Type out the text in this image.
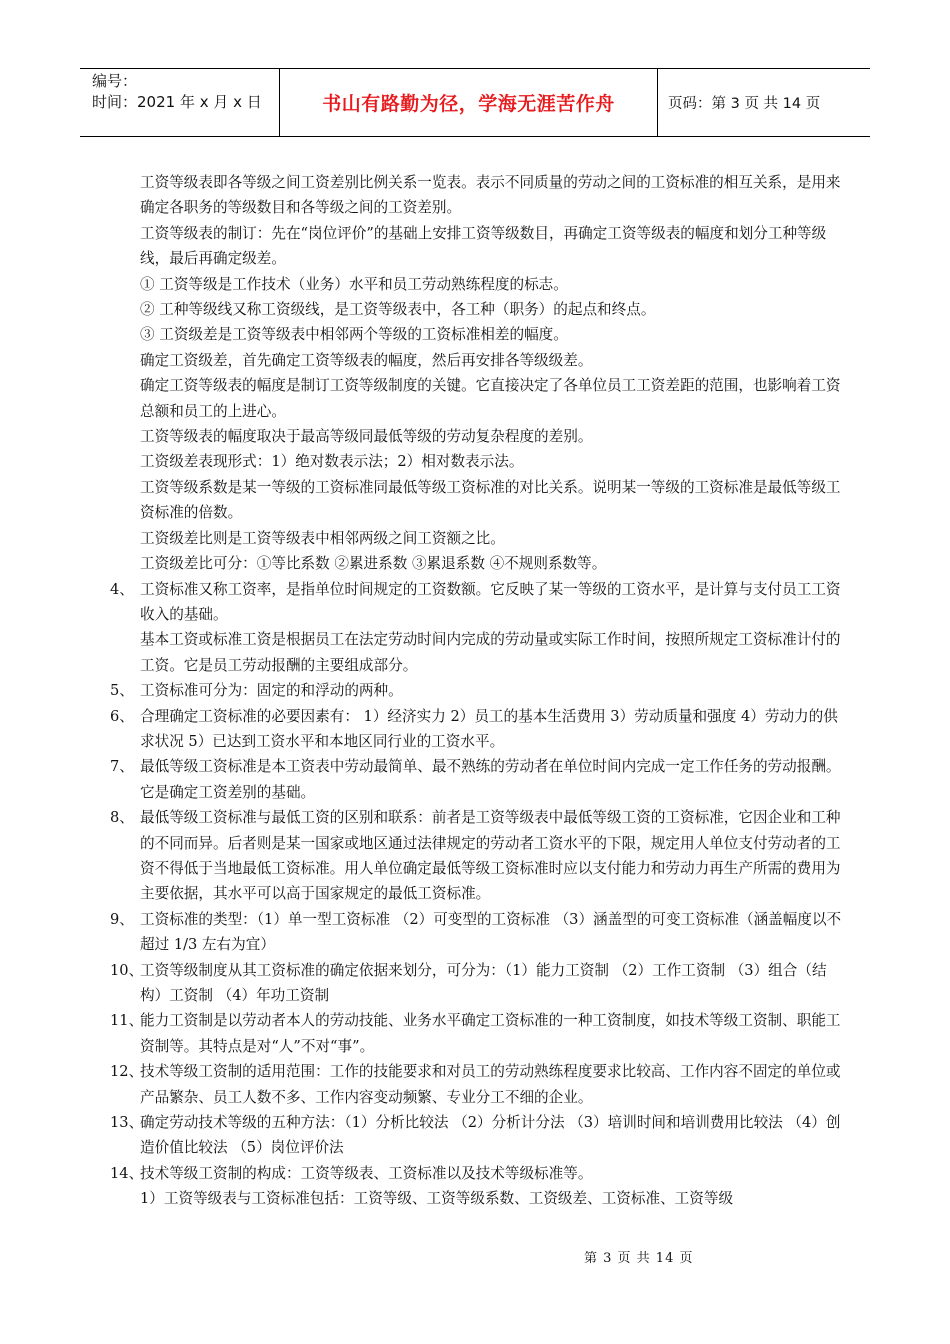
编号：
时间：2021 年 x 月 x 日	书山有路勤为径，学海无涯苦作舟	页码：第 3 页 共 14 页
工资等级表即各等级之间工资差别比例关系一览表。表示不同质量的劳动之间的工资标准的相互关系，是用来确定各职务的等级数目和各等级之间的工资差别。
工资等级表的制订：先在“岗位评价”的基础上安排工资等级数目，再确定工资等级表的幅度和划分工种等级线，最后再确定级差。
① 工资等级是工作技术（业务）水平和员工劳动熟练程度的标志。
② 工种等级线又称工资级线，是工资等级表中，各工种（职务）的起点和终点。
③ 工资级差是工资等级表中相邻两个等级的工资标准相差的幅度。
确定工资级差，首先确定工资等级表的幅度，然后再安排各等级级差。
确定工资等级表的幅度是制订工资等级制度的关键。它直接决定了各单位员工工资差距的范围，也影响着工资总额和员工的上进心。
工资等级表的幅度取决于最高等级同最低等级的劳动复杂程度的差别。
工资级差表现形式：1）绝对数表示法；2）相对数表示法。
工资等级系数是某一等级的工资标准同最低等级工资标准的对比关系。说明某一等级的工资标准是最低等级工资标准的倍数。
工资级差比则是工资等级表中相邻两级之间工资额之比。
工资级差比可分：①等比系数 ②累进系数 ③累退系数 ④不规则系数等。
4、 工资标准又称工资率，是指单位时间规定的工资数额。它反映了某一等级的工资水平，是计算与支付员工工资收入的基础。
基本工资或标准工资是根据员工在法定劳动时间内完成的劳动量或实际工作时间，按照所规定工资标准计付的工资。它是员工劳动报酬的主要组成部分。
5、 工资标准可分为：固定的和浮动的两种。
6、 合理确定工资标准的必要因素有： 1）经济实力 2）员工的基本生活费用 3）劳动质量和强度 4）劳动力的供求状况 5）已达到工资水平和本地区同行业的工资水平。
7、 最低等级工资标准是本工资表中劳动最简单、最不熟练的劳动者在单位时间内完成一定工作任务的劳动报酬。它是确定工资差别的基础。
8、 最低等级工资标准与最低工资的区别和联系：前者是工资等级表中最低等级工资的工资标准，它因企业和工种的不同而异。后者则是某一国家或地区通过法律规定的劳动者工资水平的下限，规定用人单位支付劳动者的工资不得低于当地最低工资标准。用人单位确定最低等级工资标准时应以支付能力和劳动力再生产所需的费用为主要依据，其水平可以高于国家规定的最低工资标准。
9、 工资标准的类型：（1）单一型工资标准 （2）可变型的工资标准 （3）涵盖型的可变工资标准（涵盖幅度以不超过 1/3 左右为宜）
10、
工资等级制度从其工资标准的确定依据来划分，可分为：（1）能力工资制 （2）工作工资制 （3）组合（结构）工资制 （4）年功工资制
11、
能力工资制是以劳动者本人的劳动技能、业务水平确定工资标准的一种工资制度，如技术等级工资制、职能工资制等。其特点是对“人”不对“事”。
12、
技术等级工资制的适用范围：工作的技能要求和对员工的劳动熟练程度要求比较高、工作内容不固定的单位或产品繁杂、员工人数不多、工作内容变动频繁、专业分工不细的企业。
13、
确定劳动技术等级的五种方法：（1）分析比较法 （2）分析计分法 （3）培训时间和培训费用比较法 （4）创造价值比较法 （5）岗位评价法
14、
技术等级工资制的构成：工资等级表、工资标准以及技术等级标准等。
1）工资等级表与工资标准包括：工资等级、工资等级系数、工资级差、工资标准、工资等级
第 3 页 共 14 页
